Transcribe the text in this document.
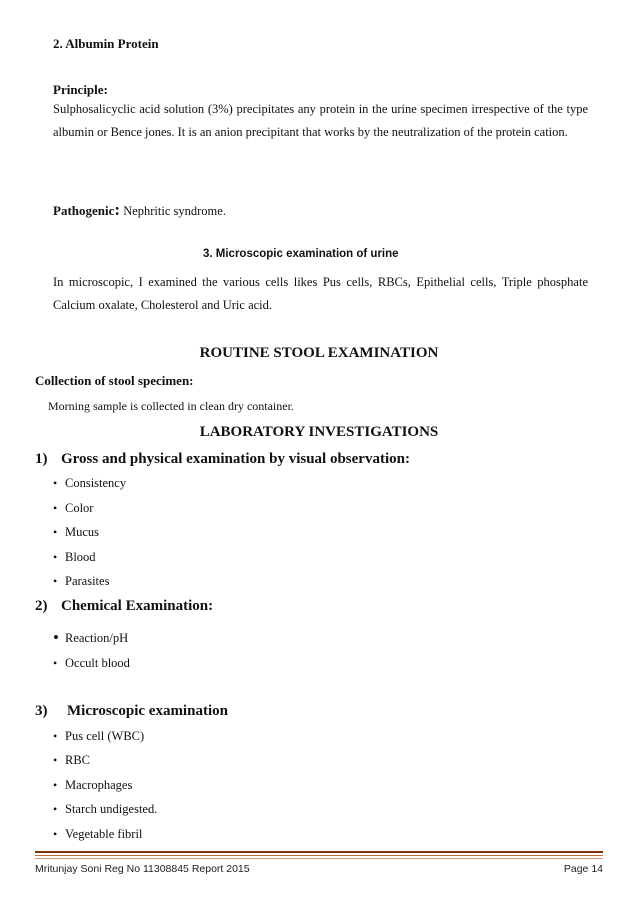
2. Albumin Protein
Principle:
Sulphosalicyclic acid solution (3%) precipitates any protein in the urine specimen irrespective of the type albumin or Bence jones. It is an anion precipitant that works by the neutralization of the protein cation.
Pathogenic: Nephritic syndrome.
3. Microscopic examination of urine
In microscopic, I examined the various cells likes Pus cells, RBCs, Epithelial cells, Triple phosphate Calcium oxalate, Cholesterol and Uric acid.
ROUTINE STOOL EXAMINATION
Collection of stool specimen:
Morning sample is collected in clean dry container.
LABORATORY INVESTIGATIONS
1) Gross and physical examination by visual observation:
• Consistency
• Color
• Mucus
• Blood
• Parasites
2) Chemical Examination:
• Reaction/pH
• Occult blood
3) Microscopic examination
• Pus cell (WBC)
• RBC
• Macrophages
• Starch undigested.
• Vegetable fibril
Mritunjay Soni Reg No 11308845 Report 2015	Page 14
